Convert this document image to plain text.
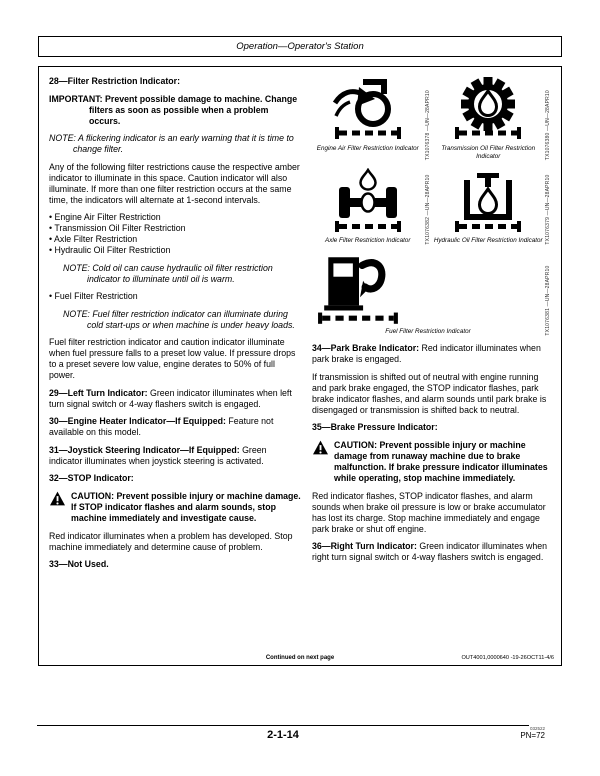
Operation—Operator's Station

28—Filter Restriction Indicator:

IMPORTANT: Prevent possible damage to machine. Change filters as soon as possible when a problem occurs.

NOTE: A flickering indicator is an early warning that it is time to change filter.

Any of the following filter restrictions cause the respective amber indicator to illuminate in this space. Caution indicator will also illuminate. If more than one filter restriction occurs at the same time, the indicators will alternate at 1-second intervals.

• Engine Air Filter Restriction
• Transmission Oil Filter Restriction
• Axle Filter Restriction
• Hydraulic Oil Filter Restriction

NOTE: Cold oil can cause hydraulic oil filter restriction indicator to illuminate until oil is warm.

• Fuel Filter Restriction

NOTE: Fuel filter restriction indicator can illuminate during cold start-ups or when machine is under heavy loads.

Fuel filter restriction indicator and caution indicator illuminate when fuel pressure falls to a preset low value. If pressure drops to a preset severe low value, engine derates to 50% of full power.

29—Left Turn Indicator: Green indicator illuminates when left turn signal switch or 4-way flashers switch is engaged.

30—Engine Heater Indicator—If Equipped: Feature not available on this model.

31—Joystick Steering Indicator—If Equipped: Green indicator illuminates when joystick steering is activated.

32—STOP Indicator:

CAUTION: Prevent possible injury or machine damage. If STOP indicator flashes and alarm sounds, stop machine immediately and investigate cause.

Red indicator illuminates when a problem has developed. Stop machine immediately and determine cause of problem.

33—Not Used.

Engine Air Filter Restriction Indicator	TX1076378 —UN—28APR10	Transmission Oil Filter Restriction Indicator	TX1076380 —UN—28APR10
Axle Filter Restriction Indicator	TX1076382 —UN—28APR10 Hydraulic Oil Filter Restriction Indicator TX1076379 —UN—28APR10
Fuel Filter Restriction Indicator	TX1076381 —UN—28APR10

34—Park Brake Indicator: Red indicator illuminates when park brake is engaged.

If transmission is shifted out of neutral with engine running and park brake engaged, the STOP indicator flashes, park brake indicator flashes, and alarm sounds until park brake is disengaged or transmission is shifted back to neutral.

35—Brake Pressure Indicator:

CAUTION: Prevent possible injury or machine damage from runaway machine due to brake malfunction. If brake pressure indicator illuminates while operating, stop machine immediately.

Red indicator flashes, STOP indicator flashes, and alarm sounds when brake oil pressure is low or brake accumulator has lost its charge. Stop machine immediately and engage park brake or shut off engine.

36—Right Turn Indicator: Green indicator illuminates when right turn signal switch or 4-way flashers switch is engaged.

Continued on next page	OUT4001,0000640 -19-26OCT11-4/6
2-1-14
032522
PN=72
